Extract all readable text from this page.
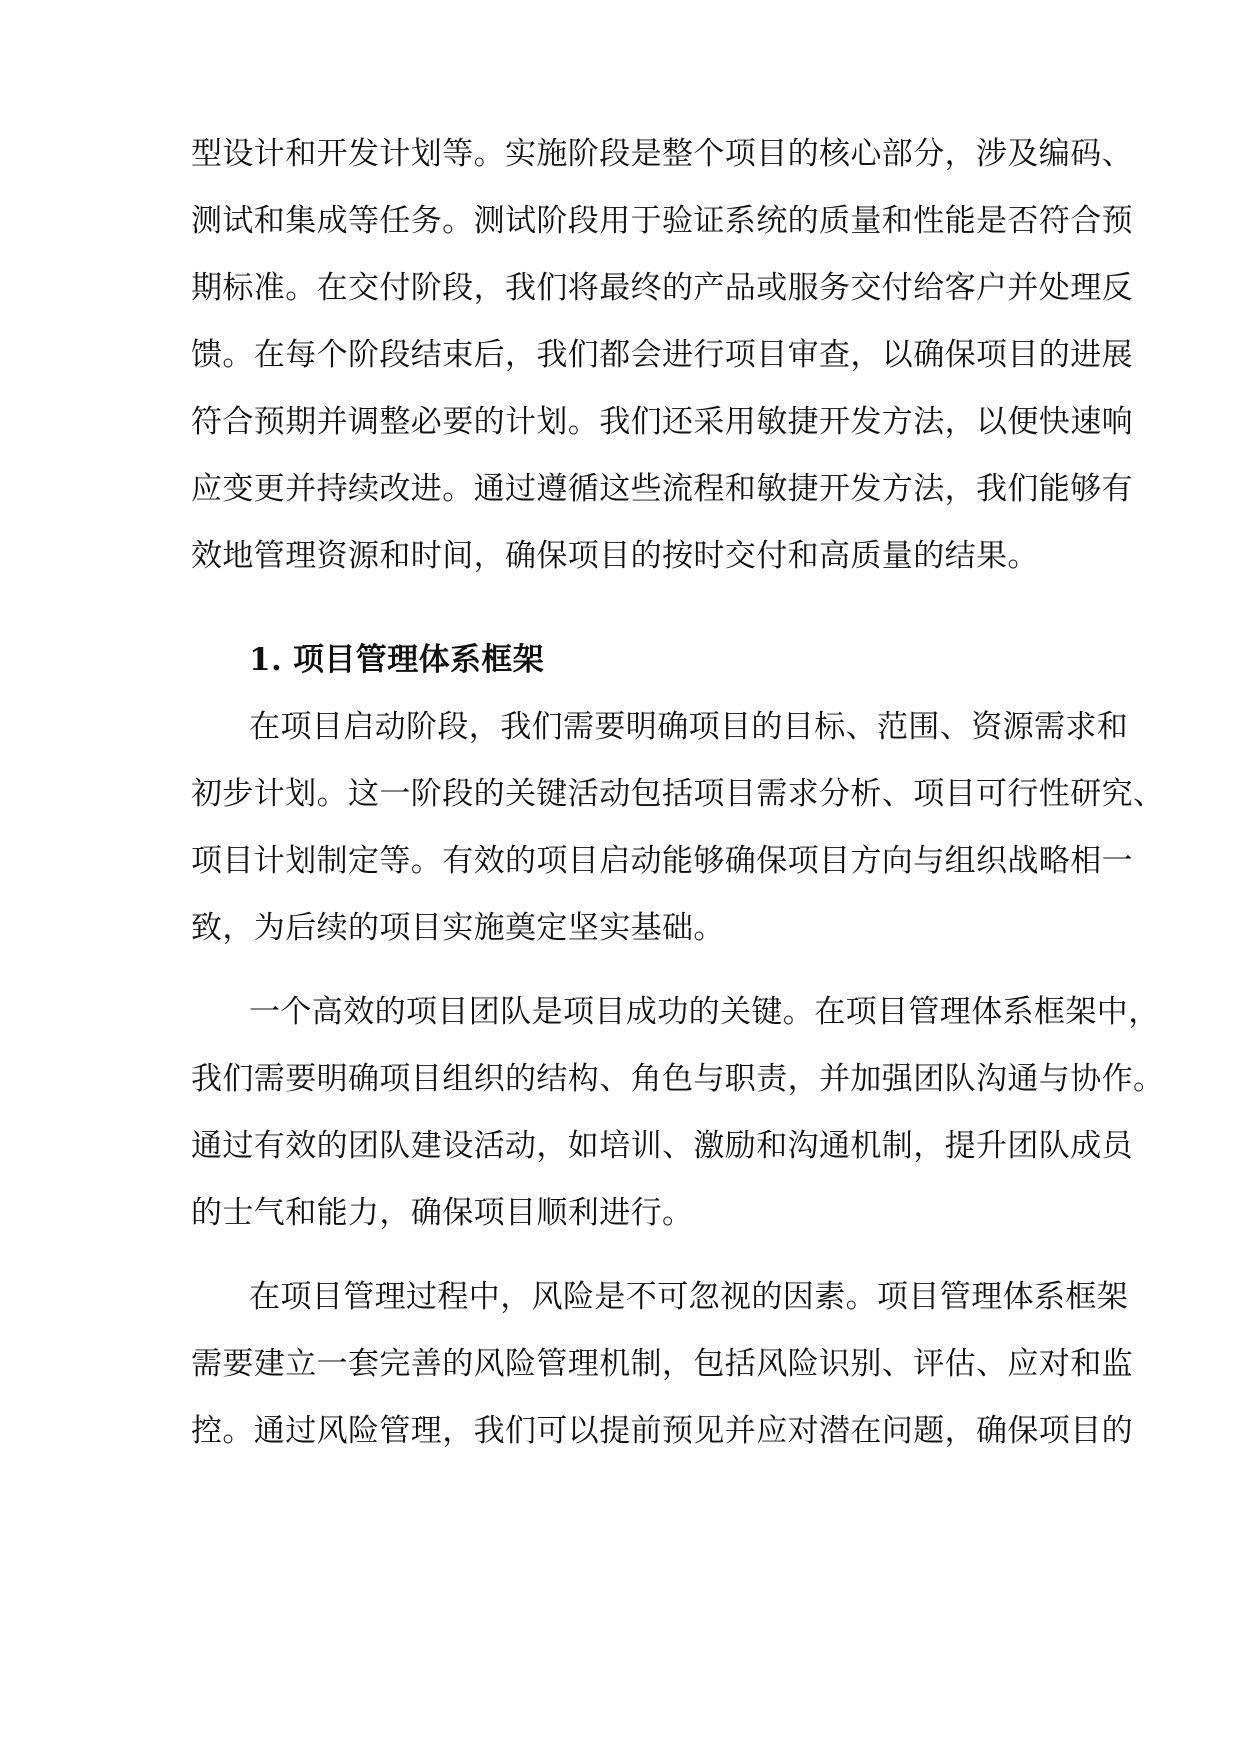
型设计和开发计划等。实施阶段是整个项目的核心部分，涉及编码、
测试和集成等任务。测试阶段用于验证系统的质量和性能是否符合预
期标准。在交付阶段，我们将最终的产品或服务交付给客户并处理反
馈。在每个阶段结束后，我们都会进行项目审查，以确保项目的进展
符合预期并调整必要的计划。我们还采用敏捷开发方法，以便快速响
应变更并持续改进。通过遵循这些流程和敏捷开发方法，我们能够有
效地管理资源和时间，确保项目的按时交付和高质量的结果。
1. 项目管理体系框架
在项目启动阶段，我们需要明确项目的目标、范围、资源需求和
初步计划。这一阶段的关键活动包括项目需求分析、项目可行性研究、
项目计划制定等。有效的项目启动能够确保项目方向与组织战略相一
致，为后续的项目实施奠定坚实基础。
一个高效的项目团队是项目成功的关键。在项目管理体系框架中，
我们需要明确项目组织的结构、角色与职责，并加强团队沟通与协作。
通过有效的团队建设活动，如培训、激励和沟通机制，提升团队成员
的士气和能力，确保项目顺利进行。
在项目管理过程中，风险是不可忽视的因素。项目管理体系框架
需要建立一套完善的风险管理机制，包括风险识别、评估、应对和监
控。通过风险管理，我们可以提前预见并应对潜在问题，确保项目的
